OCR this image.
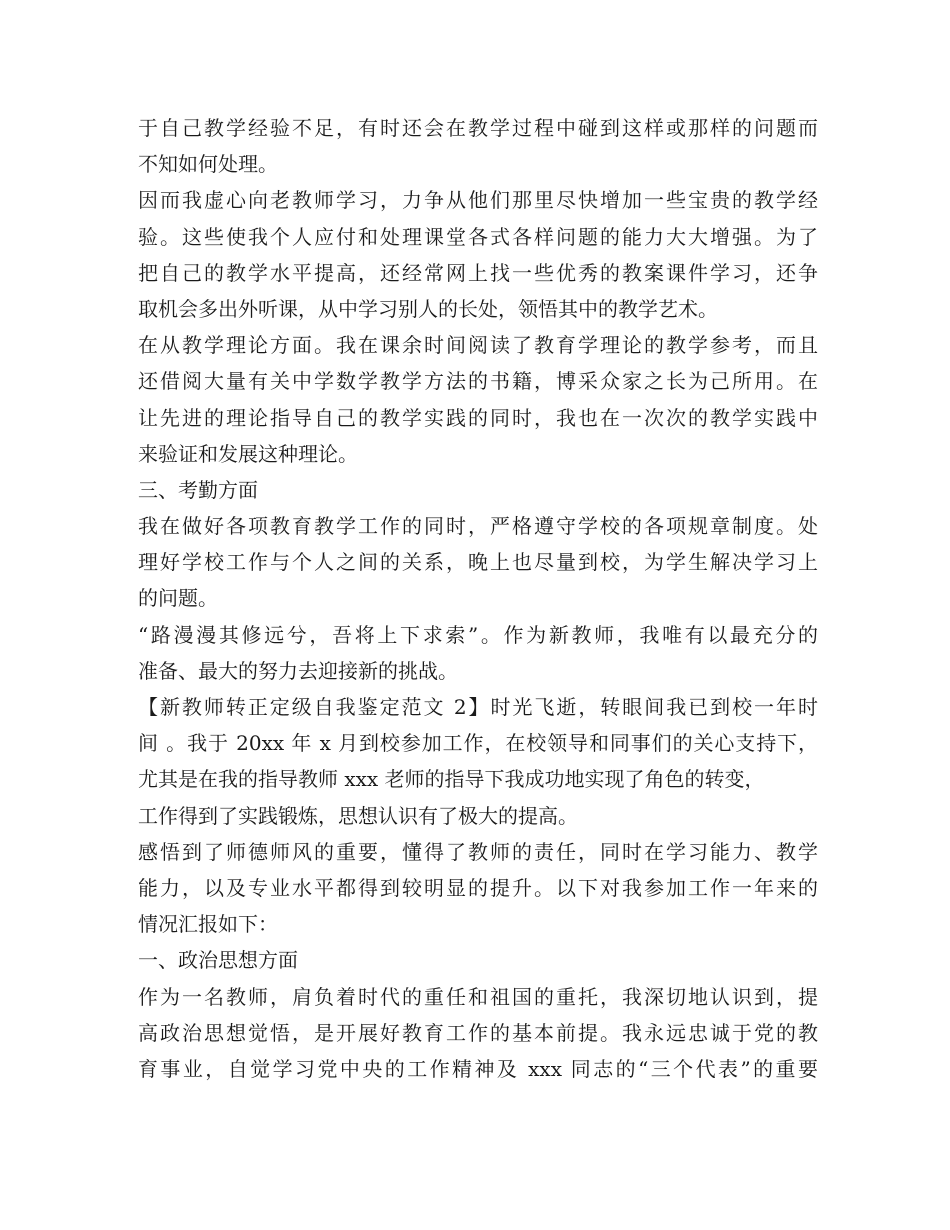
于自己教学经验不足，有时还会在教学过程中碰到这样或那样的问题而
不知如何处理。
因而我虚心向老教师学习，力争从他们那里尽快增加一些宝贵的教学经
验。这些使我个人应付和处理课堂各式各样问题的能力大大增强。为了
把自己的教学水平提高，还经常网上找一些优秀的教案课件学习，还争
取机会多出外听课，从中学习别人的长处，领悟其中的教学艺术。
在从教学理论方面。我在课余时间阅读了教育学理论的教学参考，而且
还借阅大量有关中学数学教学方法的书籍，博采众家之长为己所用。在
让先进的理论指导自己的教学实践的同时，我也在一次次的教学实践中
来验证和发展这种理论。
三、考勤方面
我在做好各项教育教学工作的同时，严格遵守学校的各项规章制度。处
理好学校工作与个人之间的关系，晚上也尽量到校，为学生解决学习上
的问题。
“路漫漫其修远兮，吾将上下求索”。作为新教师，我唯有以最充分的
准备、最大的努力去迎接新的挑战。
【新教师转正定级自我鉴定范文 2】时光飞逝，转眼间我已到校一年时
间 。我于 20xx 年 x 月到校参加工作，在校领导和同事们的关心支持下，
尤其是在我的指导教师 xxx 老师的指导下我成功地实现了角色的转变，
工作得到了实践锻炼，思想认识有了极大的提高。
感悟到了师德师风的重要，懂得了教师的责任，同时在学习能力、教学
能力，以及专业水平都得到较明显的提升。以下对我参加工作一年来的
情况汇报如下：
一、政治思想方面
作为一名教师，肩负着时代的重任和祖国的重托，我深切地认识到，提
高政治思想觉悟，是开展好教育工作的基本前提。我永远忠诚于党的教
育事业，自觉学习党中央的工作精神及 xxx 同志的“三个代表”的重要
